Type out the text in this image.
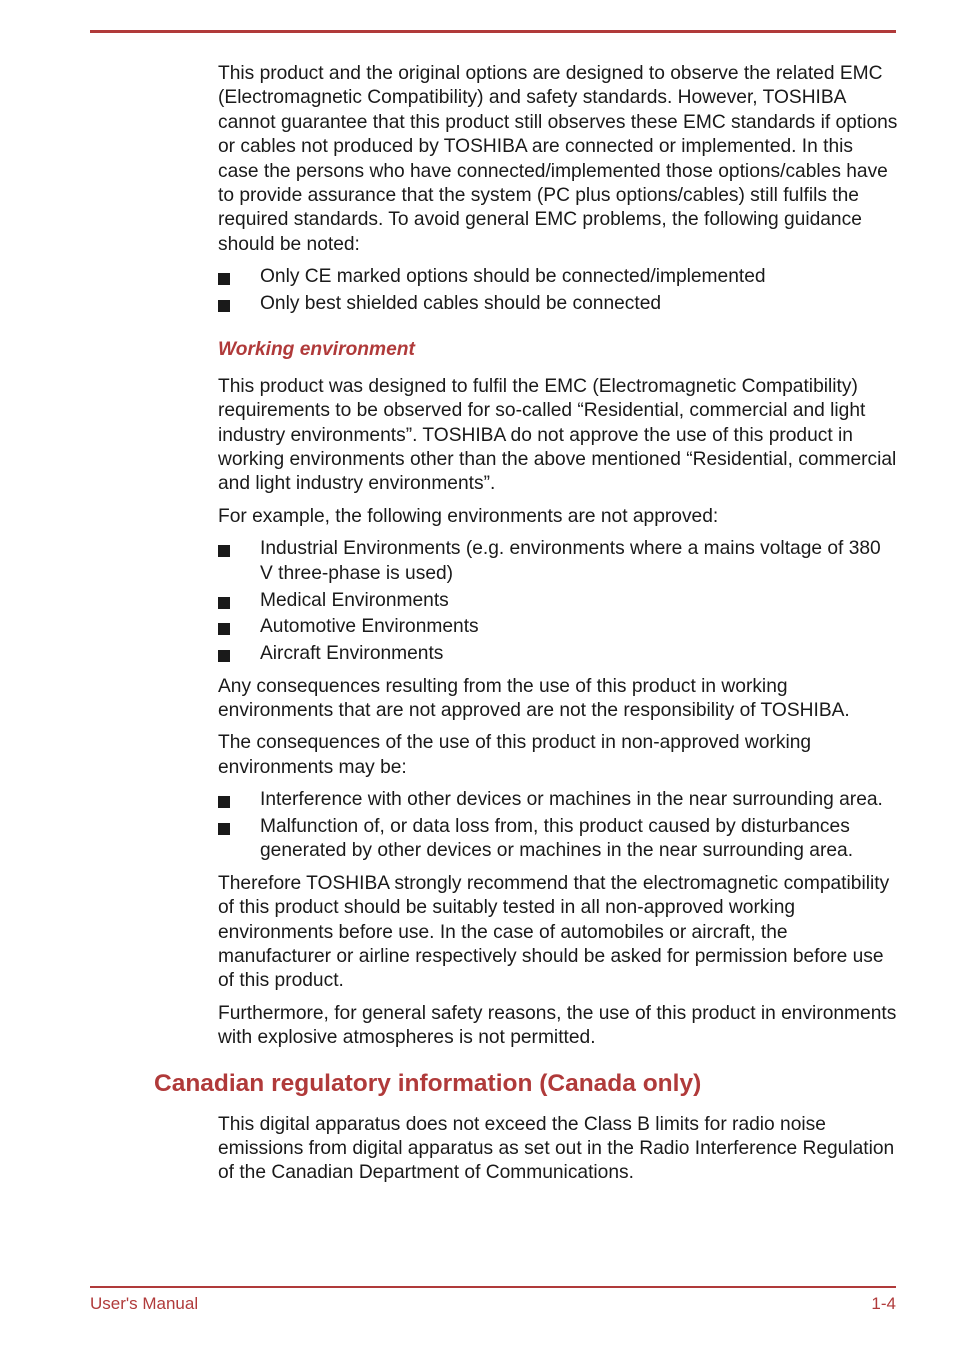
This product and the original options are designed to observe the related EMC (Electromagnetic Compatibility) and safety standards. However, TOSHIBA cannot guarantee that this product still observes these EMC standards if options or cables not produced by TOSHIBA are connected or implemented. In this case the persons who have connected/implemented those options/cables have to provide assurance that the system (PC plus options/cables) still fulfils the required standards. To avoid general EMC problems, the following guidance should be noted:

Only CE marked options should be connected/implemented
Only best shielded cables should be connected
Working environment

This product was designed to fulfil the EMC (Electromagnetic Compatibility) requirements to be observed for so-called “Residential, commercial and light industry environments”. TOSHIBA do not approve the use of this product in working environments other than the above mentioned “Residential, commercial and light industry environments”.

For example, the following environments are not approved:

Industrial Environments (e.g. environments where a mains voltage of 380 V three-phase is used)
Medical Environments
Automotive Environments
Aircraft Environments

Any consequences resulting from the use of this product in working environments that are not approved are not the responsibility of TOSHIBA.

The consequences of the use of this product in non-approved working environments may be:

Interference with other devices or machines in the near surrounding area.
Malfunction of, or data loss from, this product caused by disturbances generated by other devices or machines in the near surrounding area.

Therefore TOSHIBA strongly recommend that the electromagnetic compatibility of this product should be suitably tested in all non-approved working environments before use. In the case of automobiles or aircraft, the manufacturer or airline respectively should be asked for permission before use of this product.

Furthermore, for general safety reasons, the use of this product in environments with explosive atmospheres is not permitted.

Canadian regulatory information (Canada only)

This digital apparatus does not exceed the Class B limits for radio noise emissions from digital apparatus as set out in the Radio Interference Regulation of the Canadian Department of Communications.

User's Manual	1-4
